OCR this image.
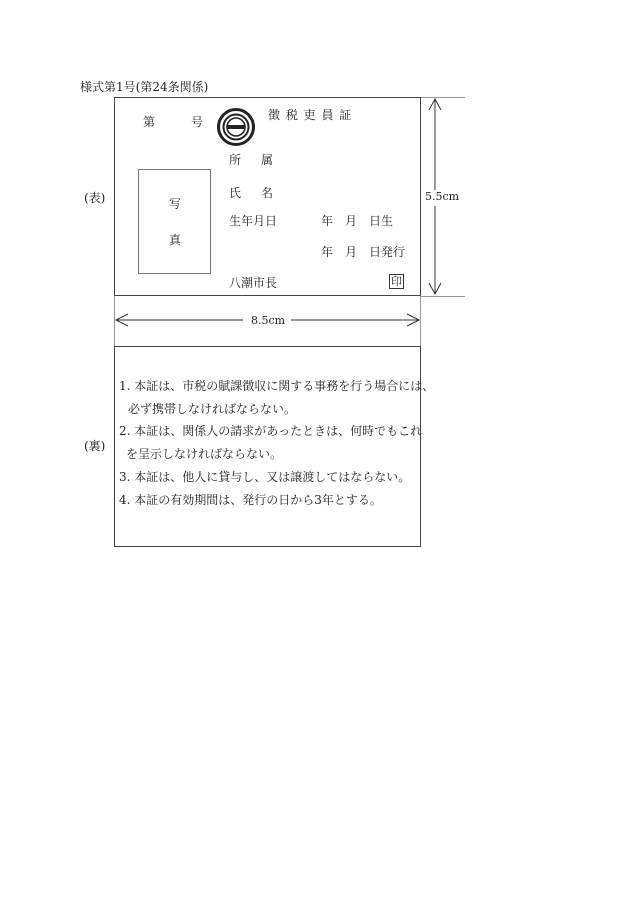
様式第1号(第24条関係)
(表)
第	号	徴 税 吏 員 証
所 属
氏 名
写
真
生年月日	年 月 日生
年 月 日発行
八潮市長	印
5.5cm
8.5cm
(裏)
1. 本証は、市税の賦課徴収に関する事務を行う場合には、
必ず携帯しなければならない。
2. 本証は、関係人の請求があったときは、何時でもこれ
を呈示しなければならない。
3. 本証は、他人に貸与し、又は譲渡してはならない。
4. 本証の有効期間は、発行の日から3年とする。
